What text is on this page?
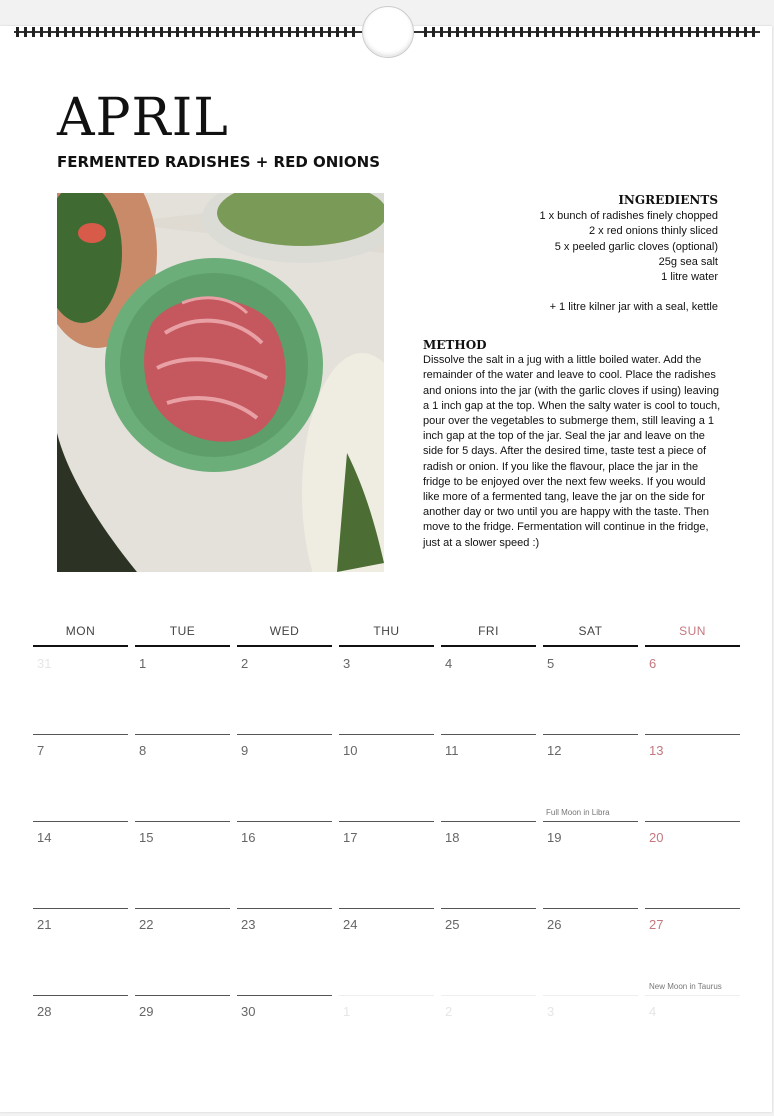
APRIL
FERMENTED RADISHES + RED ONIONS
INGREDIENTS
1 x bunch of radishes finely chopped
2 x red onions thinly sliced
5 x peeled garlic cloves (optional)
25g sea salt
1 litre water
+ 1 litre kilner jar with a seal, kettle
METHOD
Dissolve the salt in a jug with a little boiled water. Add the remainder of the water and leave to cool. Place the radishes and onions into the jar (with the garlic cloves if using) leaving a 1 inch gap at the top. When the salty water is cool to touch, pour over the vegetables to submerge them, still leaving a 1 inch gap at the top of the jar. Seal the jar and leave on the side for 5 days. After the desired time, taste test a piece of radish or onion. If you like the flavour, place the jar in the fridge to be enjoyed over the next few weeks. If you would like more of a fermented tang, leave the jar on the side for another day or two until you are happy with the taste. Then move to the fridge. Fermentation will continue in the fridge, just at a slower speed :)
MON	TUE	WED	THU	FRI	SAT	SUN
31	1	2	3	4	5	6
7	8	9	10	11	12	13
14	15	16	17	18	19	20
21	22	23	24	25	26	27
28	29	30	1	2	3	4
Full Moon in Libra
New Moon in Taurus
